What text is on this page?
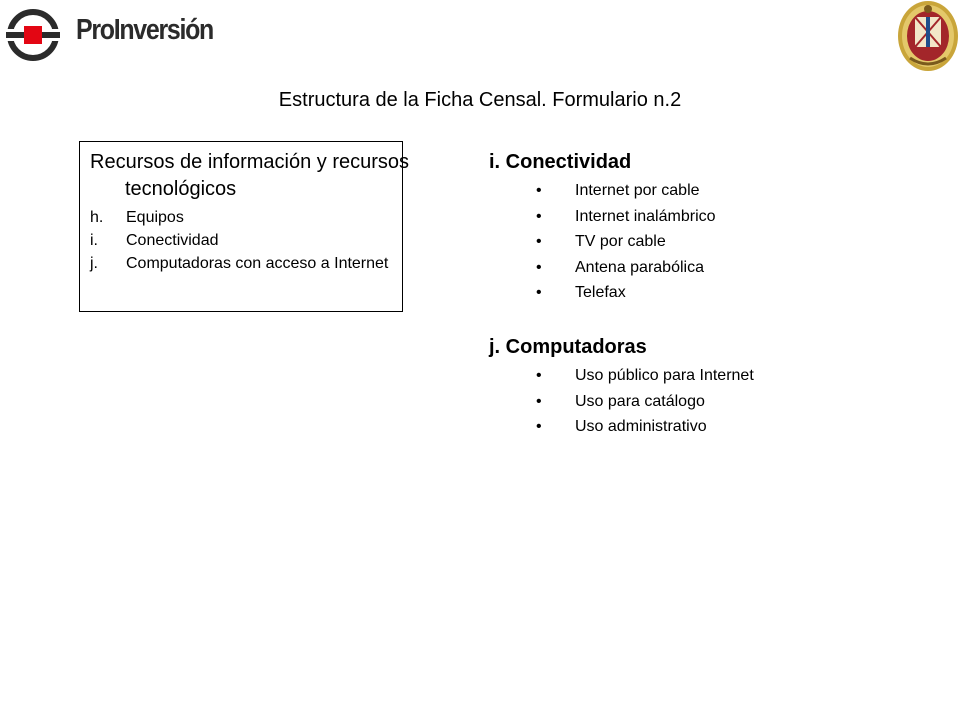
ProInversión
Estructura de la Ficha Censal. Formulario n.2
Recursos de información y recursos tecnológicos
h. Equipos
i. Conectividad
j. Computadoras con acceso a Internet
i. Conectividad
• Internet por cable
• Internet inalámbrico
• TV por cable
• Antena parabólica
• Telefax
j. Computadoras
• Uso público para Internet
• Uso para catálogo
• Uso administrativo
